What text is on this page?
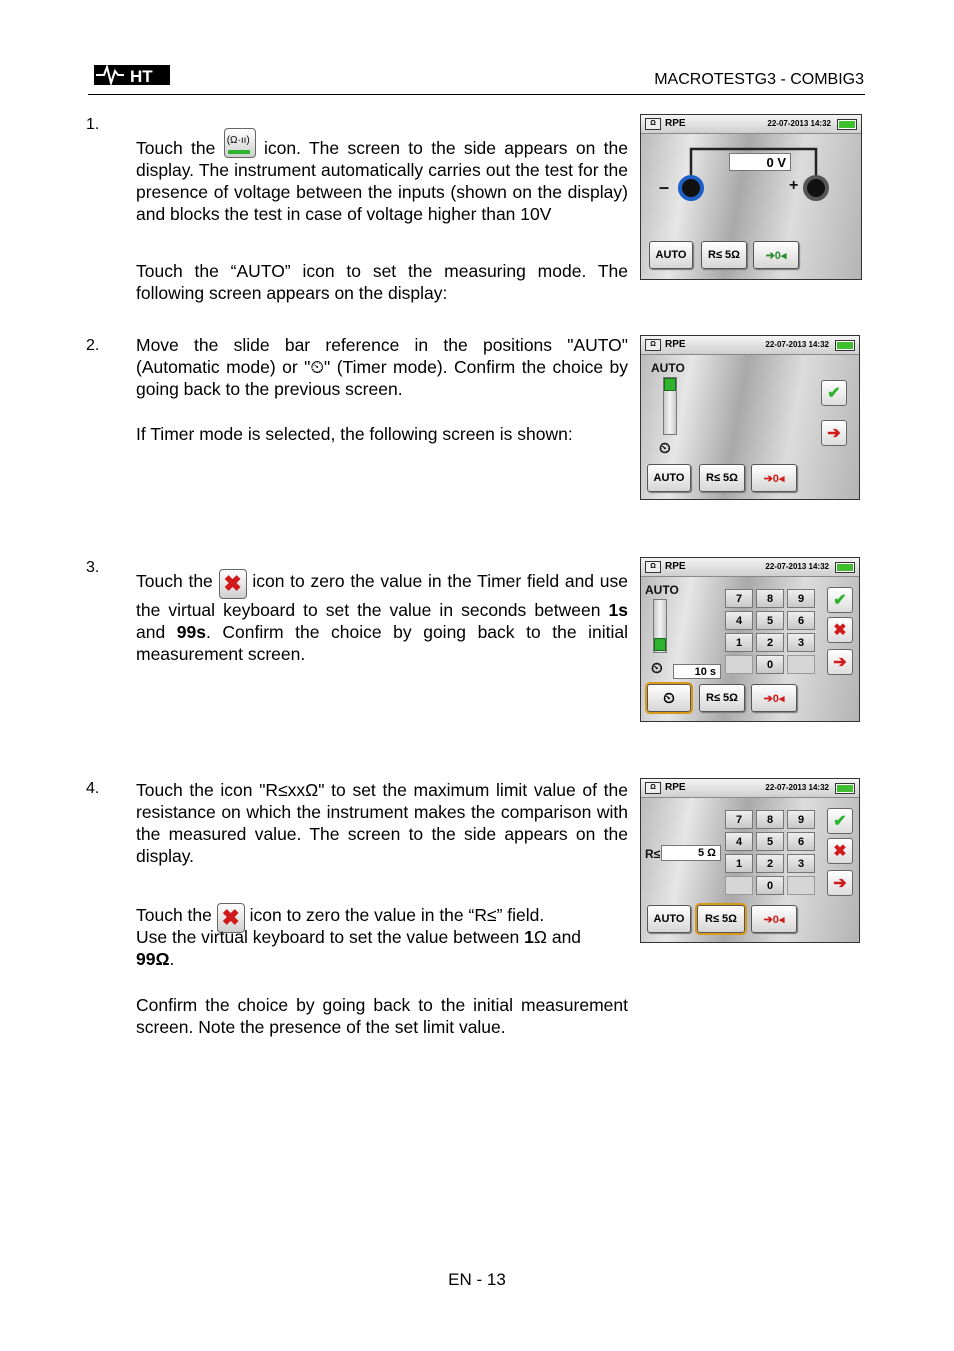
HT	MACROTESTG3 - COMBIG3
1.
Touch the (Ω·ıı) icon. The screen to the side appears on the display. The instrument automatically carries out the test for the presence of voltage between the inputs (shown on the display) and blocks the test in case of voltage higher than 10V
Touch the “AUTO” icon to set the measuring mode. The following screen appears on the display:
Ω RPE	22-07-2013 14:32
0 V
–	+
AUTO	R≤ 5Ω	➔0◂
2. Move the slide bar reference in the positions "AUTO" (Automatic mode) or "⏲" (Timer mode). Confirm the choice by going back to the previous screen.
If Timer mode is selected, the following screen is shown:
Ω RPE	22-07-2013 14:32
AUTO
⏲
✔
➔
AUTO	R≤ 5Ω	➔0◂
3.
Touch the ✖ icon to zero the value in the Timer field and use the virtual keyboard to set the value in seconds between 1s and 99s. Confirm the choice by going back to the initial measurement screen.
Ω RPE	22-07-2013 14:32
AUTO
⏲	10 s
7	8	9
4	5	6
1	2	3
0
✔
✖
➔
⏲	R≤ 5Ω	➔0◂
4. Touch the icon "R≤xxΩ" to set the maximum limit value of the resistance on which the instrument makes the comparison with the measured value. The screen to the side appears on the display.
Touch the ✖ icon to zero the value in the “R≤” field.
Use the virtual keyboard to set the value between 1Ω and
99Ω.
Confirm the choice by going back to the initial measurement screen. Note the presence of the set limit value.
Ω RPE	22-07-2013 14:32
R≤	5 Ω
7	8	9
4	5	6
1	2	3
0
✔
✖
➔
AUTO	R≤ 5Ω	➔0◂
EN - 13
